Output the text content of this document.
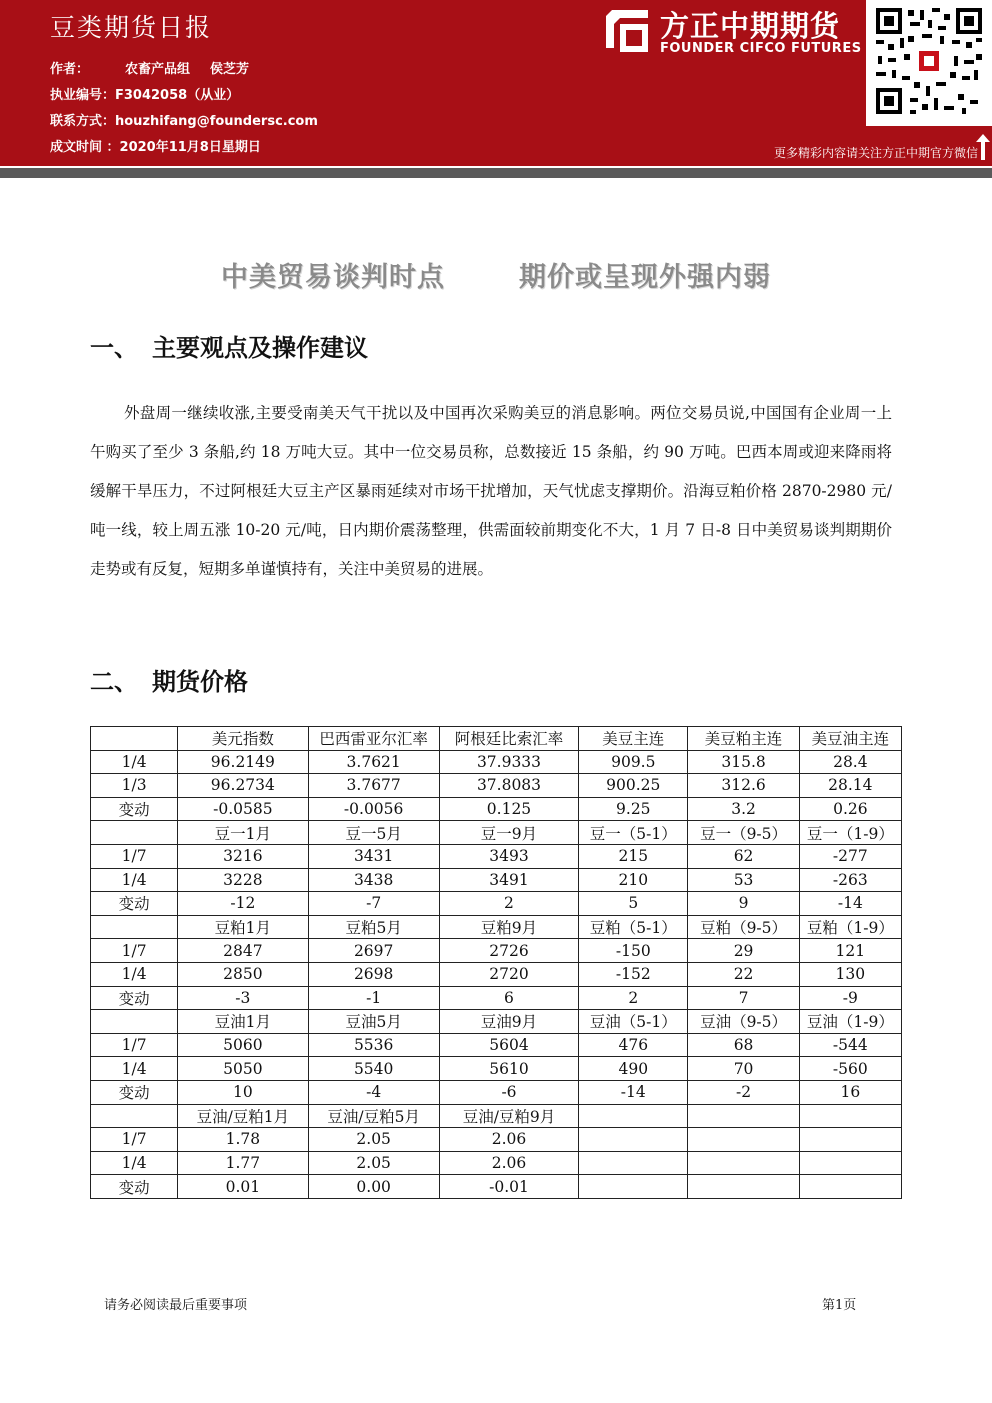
豆类期货日报
作者：	农畜产品组 侯芝芳
执业编号：F3042058（从业）
联系方式：houzhifang@foundersc.com
成文时间 ：2020年11月8日星期日
方正中期期货
FOUNDER CIFCO FUTURES
更多精彩内容请关注方正中期官方微信
中美贸易谈判时点	期价或呈现外强内弱
一、 主要观点及操作建议
外盘周一继续收涨,主要受南美天气干扰以及中国再次采购美豆的消息影响。两位交易员说,中国国有企业周一上午购买了至少 3 条船,约 18 万吨大豆。其中一位交易员称，总数接近 15 条船，约 90 万吨。巴西本周或迎来降雨将缓解干旱压力，不过阿根廷大豆主产区暴雨延续对市场干扰增加，天气忧虑支撑期价。沿海豆粕价格 2870-2980 元/吨一线，较上周五涨 10-20 元/吨，日内期价震荡整理，供需面较前期变化不大，1 月 7 日-8 日中美贸易谈判期期价走势或有反复，短期多单谨慎持有，关注中美贸易的进展。
二、 期货价格
	美元指数	巴西雷亚尔汇率	阿根廷比索汇率	美豆主连	美豆粕主连	美豆油主连
1/4	96.2149	3.7621	37.9333	909.5	315.8	28.4
1/3	96.2734	3.7677	37.8083	900.25	312.6	28.14
变动	-0.0585	-0.0056	0.125	9.25	3.2	0.26
	豆一1月	豆一5月	豆一9月	豆一（5-1）	豆一（9-5）	豆一（1-9）
1/7	3216	3431	3493	215	62	-277
1/4	3228	3438	3491	210	53	-263
变动	-12	-7	2	5	9	-14
	豆粕1月	豆粕5月	豆粕9月	豆粕（5-1）	豆粕（9-5）	豆粕（1-9）
1/7	2847	2697	2726	-150	29	121
1/4	2850	2698	2720	-152	22	130
变动	-3	-1	6	2	7	-9
	豆油1月	豆油5月	豆油9月	豆油（5-1）	豆油（9-5）	豆油（1-9）
1/7	5060	5536	5604	476	68	-544
1/4	5050	5540	5610	490	70	-560
变动	10	-4	-6	-14	-2	16
	豆油/豆粕1月	豆油/豆粕5月	豆油/豆粕9月			
1/7	1.78	2.05	2.06			
1/4	1.77	2.05	2.06			
变动	0.01	0.00	-0.01			
请务必阅读最后重要事项	第1页
